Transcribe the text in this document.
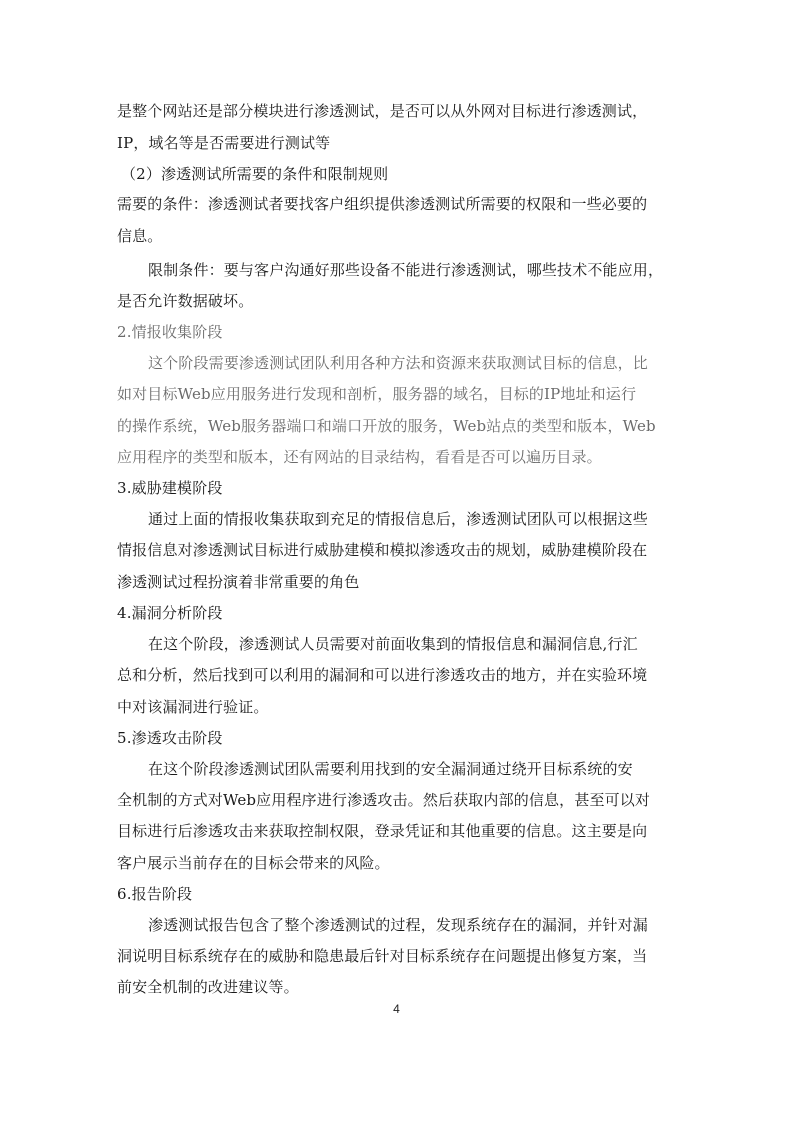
是整个网站还是部分模块进行渗透测试，是否可以从外网对目标进行渗透测试，
IP，域名等是否需要进行测试等
（2）渗透测试所需要的条件和限制规则
需要的条件：渗透测试者要找客户组织提供渗透测试所需要的权限和一些必要的
信息。
限制条件：要与客户沟通好那些设备不能进行渗透测试，哪些技术不能应用，
是否允许数据破坏。
2.情报收集阶段
这个阶段需要渗透测试团队利用各种方法和资源来获取测试目标的信息，比
如对目标Web应用服务进行发现和剖析，服务器的域名，目标的IP地址和运行
的操作系统，Web服务器端口和端口开放的服务，Web站点的类型和版本，Web
应用程序的类型和版本，还有网站的目录结构，看看是否可以遍历目录。
3.威胁建模阶段
通过上面的情报收集获取到充足的情报信息后，渗透测试团队可以根据这些
情报信息对渗透测试目标进行威胁建模和模拟渗透攻击的规划，威胁建模阶段在
渗透测试过程扮演着非常重要的角色
4.漏洞分析阶段
在这个阶段，渗透测试人员需要对前面收集到的情报信息和漏洞信息,行汇
总和分析，然后找到可以利用的漏洞和可以进行渗透攻击的地方，并在实验环境
中对该漏洞进行验证。
5.渗透攻击阶段
在这个阶段渗透测试团队需要利用找到的安全漏洞通过绕开目标系统的安
全机制的方式对Web应用程序进行渗透攻击。然后获取内部的信息，甚至可以对
目标进行后渗透攻击来获取控制权限，登录凭证和其他重要的信息。这主要是向
客户展示当前存在的目标会带来的风险。
6.报告阶段
渗透测试报告包含了整个渗透测试的过程，发现系统存在的漏洞，并针对漏
洞说明目标系统存在的威胁和隐患最后针对目标系统存在问题提出修复方案，当
前安全机制的改进建议等。
4
